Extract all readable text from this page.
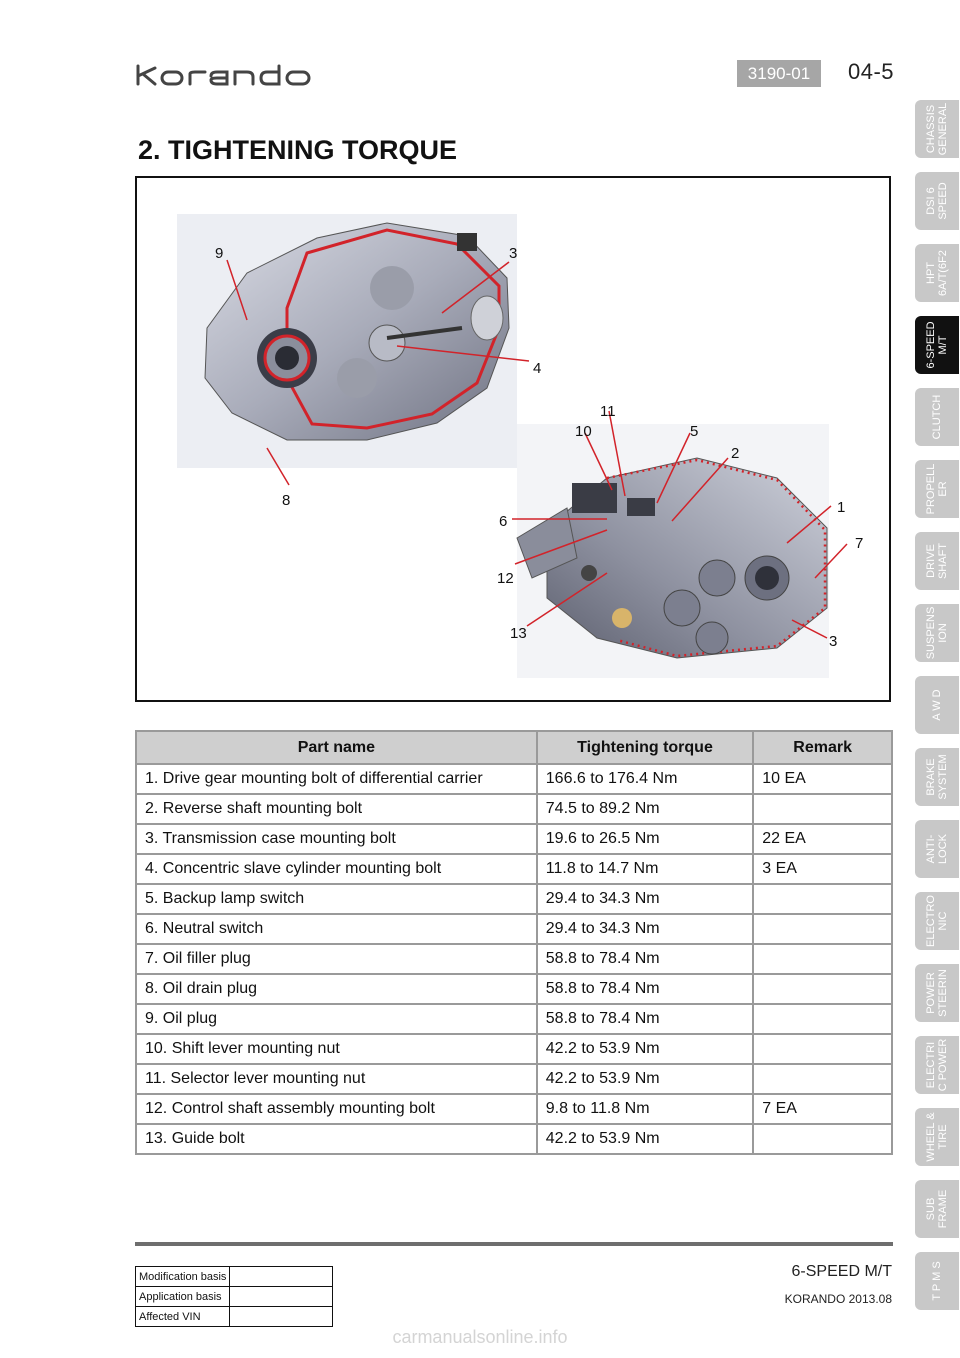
3190-01	04-5
2. TIGHTENING TORQUE
9	3
4
8
11
10	5
2
6
1
7
12
13	3
Part name	Tightening torque	Remark
1. Drive gear mounting bolt of differential carrier	166.6 to 176.4 Nm	10 EA
2. Reverse shaft mounting bolt	74.5 to 89.2 Nm	
3. Transmission case mounting bolt	19.6 to 26.5 Nm	22 EA
4. Concentric slave cylinder mounting bolt	11.8 to 14.7 Nm	3 EA
5. Backup lamp switch	29.4 to 34.3 Nm	
6. Neutral switch	29.4 to 34.3 Nm	
7. Oil filler plug	58.8 to 78.4 Nm	
8. Oil drain plug	58.8 to 78.4 Nm	
9. Oil plug	58.8 to 78.4 Nm	
10. Shift lever mounting nut	42.2 to 53.9 Nm	
11. Selector lever mounting nut	42.2 to 53.9 Nm	
12. Control shaft assembly mounting bolt	9.8 to 11.8 Nm	7 EA
13. Guide bolt	42.2 to 53.9 Nm	
Modification basis	
Application basis	
Affected VIN	
6-SPEED M/T
KORANDO 2013.08
carmanualsonline.info
CHASSIS
GENERAL
DSI 6
SPEED
HPT
6A/T(6F2
6-SPEED
M/T
CLUTCH
PROPELL
ER
DRIVE
SHAFT
SUSPENS
ION
A W D
BRAKE
SYSTEM
ANTI-
LOCK
ELECTRO
NIC
POWER
STEERIN
ELECTRI
C POWER
WHEEL &
TIRE
SUB
FRAME
T P M S
